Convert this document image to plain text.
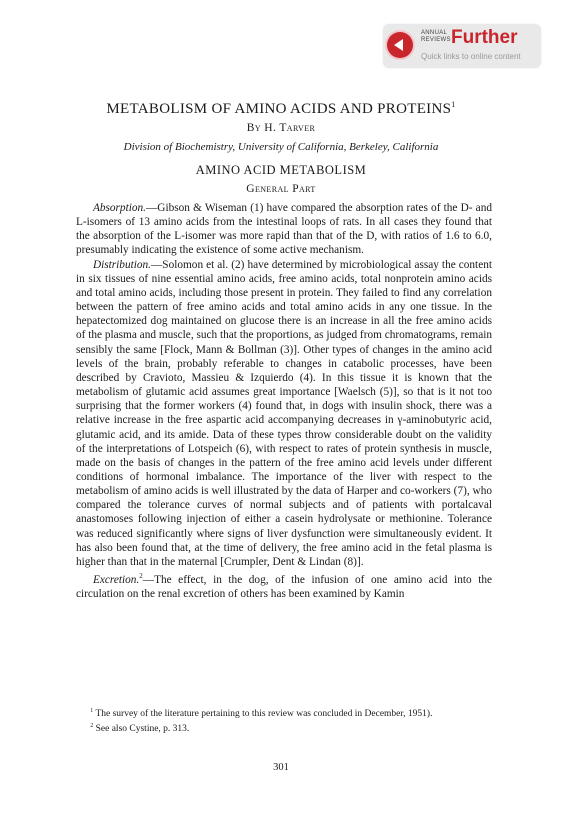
ANNUAL
REVIEWS Further
Quick links to online content
METABOLISM OF AMINO ACIDS AND PROTEINS$^1$
By H. Tarver
Division of Biochemistry, University of California, Berkeley, California
AMINO ACID METABOLISM
General Part

Absorption.—Gibson & Wiseman (1) have compared the absorption rates of the D- and L-isomers of 13 amino acids from the intestinal loops of rats. In all cases they found that the absorption of the L-isomer was more rapid than that of the D, with ratios of 1.6 to 6.0, presumably indicating the existence of some active mechanism.

Distribution.—Solomon et al. (2) have determined by microbiological assay the content in six tissues of nine essential amino acids, free amino acids, total nonprotein amino acids and total amino acids, including those present in protein. They failed to find any correlation between the pattern of free amino acids and total amino acids in any one tissue. In the hepatectomized dog maintained on glucose there is an increase in all the free amino acids of the plasma and muscle, such that the proportions, as judged from chromatograms, remain sensibly the same [Flock, Mann & Bollman (3)]. Other types of changes in the amino acid levels of the brain, probably referable to changes in catabolic processes, have been described by Cravioto, Massieu & Izquierdo (4). In this tissue it is known that the metabolism of glutamic acid assumes great importance [Waelsch (5)], so that is it not too surprising that the former workers (4) found that, in dogs with insulin shock, there was a relative increase in the free aspartic acid accompanying decreases in γ-aminobutyric acid, glutamic acid, and its amide. Data of these types throw considerable doubt on the validity of the interpretations of Lotspeich (6), with respect to rates of protein synthesis in muscle, made on the basis of changes in the pattern of the free amino acid levels under different conditions of hormonal imbalance. The importance of the liver with respect to the metabolism of amino acids is well illustrated by the data of Harper and co-workers (7), who compared the tolerance curves of normal subjects and of patients with portalcaval anastomoses following injection of either a casein hydrolysate or methionine. Tolerance was reduced significantly where signs of liver dysfunction were simultaneously evident. It has also been found that, at the time of delivery, the free amino acid in the fetal plasma is higher than that in the maternal [Crumpler, Dent & Lindan (8)].

Excretion.$^2$—The effect, in the dog, of the infusion of one amino acid into the circulation on the renal excretion of others has been examined by Kamin

$^1$ The survey of the literature pertaining to this review was concluded in December, 1951).

$^2$ See also Cystine, p. 313.

301
